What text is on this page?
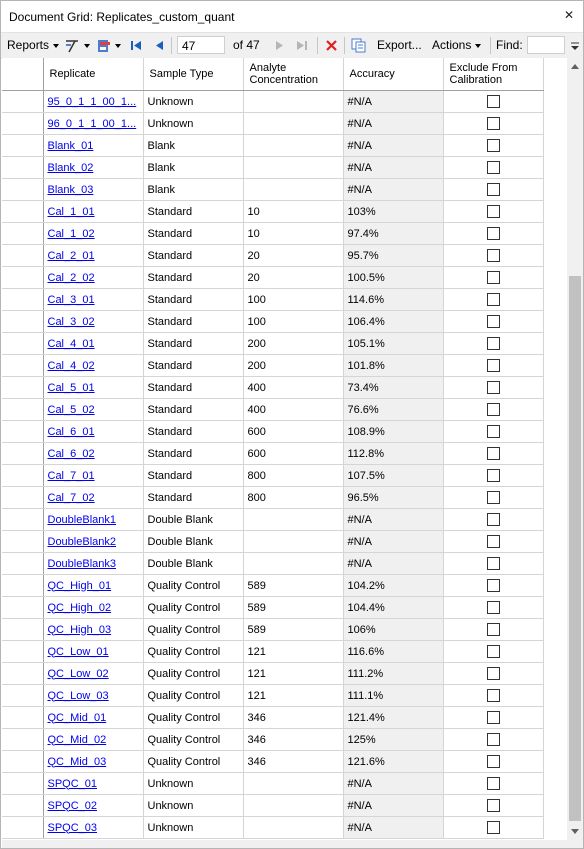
Document Grid: Replicates_custom_quant	✕
Reports	47	of 47	Export... Actions	Find:
	Replicate	Sample Type	Analyte Concentration	Accuracy	Exclude From Calibration
	95_0_1_1_00_1...	Unknown		#N/A	
	96_0_1_1_00_1...	Unknown		#N/A	
	Blank_01	Blank		#N/A	
	Blank_02	Blank		#N/A	
	Blank_03	Blank		#N/A	
	Cal_1_01	Standard	10	103%	
	Cal_1_02	Standard	10	97.4%	
	Cal_2_01	Standard	20	95.7%	
	Cal_2_02	Standard	20	100.5%	
	Cal_3_01	Standard	100	114.6%	
	Cal_3_02	Standard	100	106.4%	
	Cal_4_01	Standard	200	105.1%	
	Cal_4_02	Standard	200	101.8%	
	Cal_5_01	Standard	400	73.4%	
	Cal_5_02	Standard	400	76.6%	
	Cal_6_01	Standard	600	108.9%	
	Cal_6_02	Standard	600	112.8%	
	Cal_7_01	Standard	800	107.5%	
	Cal_7_02	Standard	800	96.5%	
	DoubleBlank1	Double Blank		#N/A	
	DoubleBlank2	Double Blank		#N/A	
	DoubleBlank3	Double Blank		#N/A	
	QC_High_01	Quality Control	589	104.2%	
	QC_High_02	Quality Control	589	104.4%	
	QC_High_03	Quality Control	589	106%	
	QC_Low_01	Quality Control	121	116.6%	
	QC_Low_02	Quality Control	121	111.2%	
	QC_Low_03	Quality Control	121	111.1%	
	QC_Mid_01	Quality Control	346	121.4%	
	QC_Mid_02	Quality Control	346	125%	
	QC_Mid_03	Quality Control	346	121.6%	
	SPQC_01	Unknown		#N/A	
	SPQC_02	Unknown		#N/A	
	SPQC_03	Unknown		#N/A	
